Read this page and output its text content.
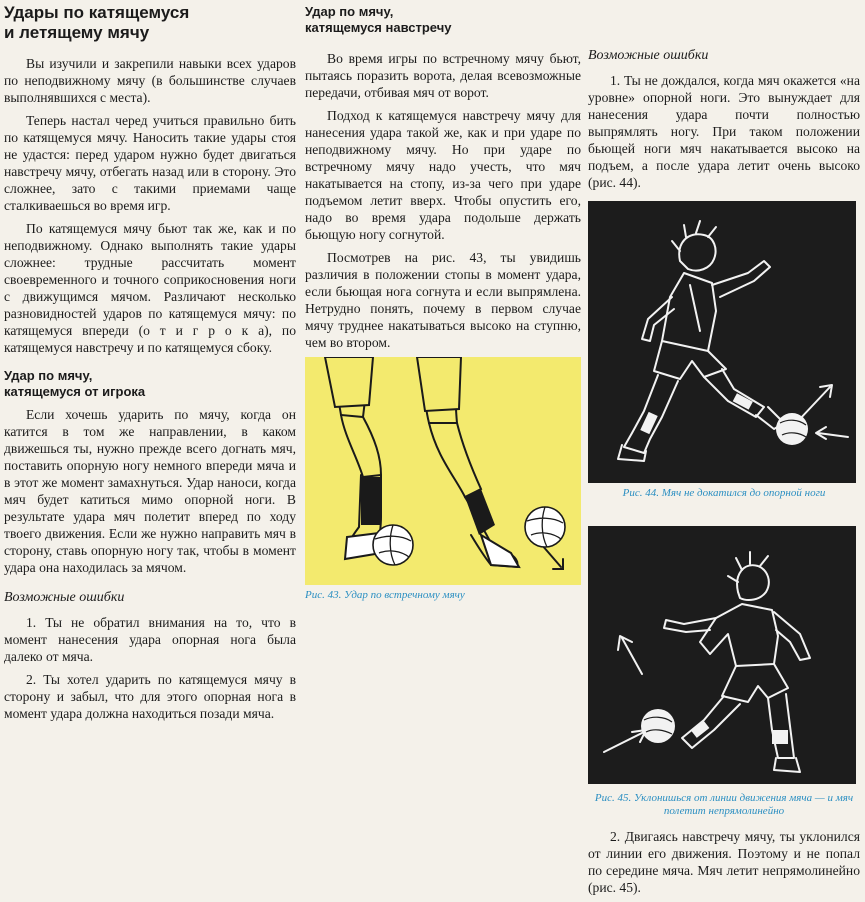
Удары по катящемуся
и летящему мячу

Вы изучили и закрепили навыки всех ударов по неподвижному мячу (в большинстве случаев выполнявшихся с места).

Теперь настал черед учиться правильно бить по катящемуся мячу. Наносить такие удары стоя не удастся: перед ударом нужно будет двигаться навстречу мячу, отбегать назад или в сторону. Это сложнее, зато с такими приемами чаще сталкиваешься во время игр.

По катящемуся мячу бьют так же, как и по неподвижному. Однако выполнять такие удары сложнее: трудные рассчитать момент своевременного и точного соприкосновения ноги с движущимся мячом. Различают несколько разновидностей ударов по катящемуся мячу: по катящемуся впереди (о т и г р о к а), по катящемуся навстречу и по катящемуся сбоку.

Удар по мячу,
катящемуся от игрока

Если хочешь ударить по мячу, когда он катится в том же направлении, в каком движешься ты, нужно прежде всего догнать мяч, поставить опорную ногу немного впереди мяча и в этот же момент замахнуться. Удар наноси, когда мяч будет катиться мимо опорной ноги. В результате удара мяч полетит вперед по ходу твоего движения. Если же нужно направить мяч в сторону, ставь опорную ногу так, чтобы в момент удара она находилась за мячом.

Возможные ошибки

1. Ты не обратил внимания на то, что в момент нанесения удара опорная нога была далеко от мяча.

2. Ты хотел ударить по катящемуся мячу в сторону и забыл, что для этого опорная нога в момент удара должна находиться позади мяча.

Удар по мячу,
катящемуся навстречу

Во время игры по встречному мячу бьют, пытаясь поразить ворота, делая всевозможные передачи, отбивая мяч от ворот.

Подход к катящемуся навстречу мячу для нанесения удара такой же, как и при ударе по неподвижному мячу. Но при ударе по встречному мячу надо учесть, что мяч накатывается на стопу, из-за чего при ударе подъемом летит вверх. Чтобы опустить его, надо во время удара подольше держать бьющую ногу согнутой.

Посмотрев на рис. 43, ты увидишь различия в положении стопы в момент удара, если бьющая нога согнута и если выпрямлена. Нетрудно понять, почему в первом случае мячу труднее накатываться высоко на ступню, чем во втором.

Рис. 43. Удар по встречному мячу
Возможные ошибки

1. Ты не дождался, когда мяч окажется «на уровне» опорной ноги. Это вынуждает для нанесения удара почти полностью выпрямлять ногу. При таком положении бьющей ноги мяч накатывается высоко на подъем, а после удара летит очень высоко (рис. 44).

Рис. 44. Мяч не докатился до опорной ноги
Рис. 45. Уклонишься от линии движения мяча — и мяч полетит непрямолинейно

2. Двигаясь навстречу мячу, ты уклонился от линии его движения. Поэтому и не попал по середине мяча. Мяч летит непрямолинейно (рис. 45).
